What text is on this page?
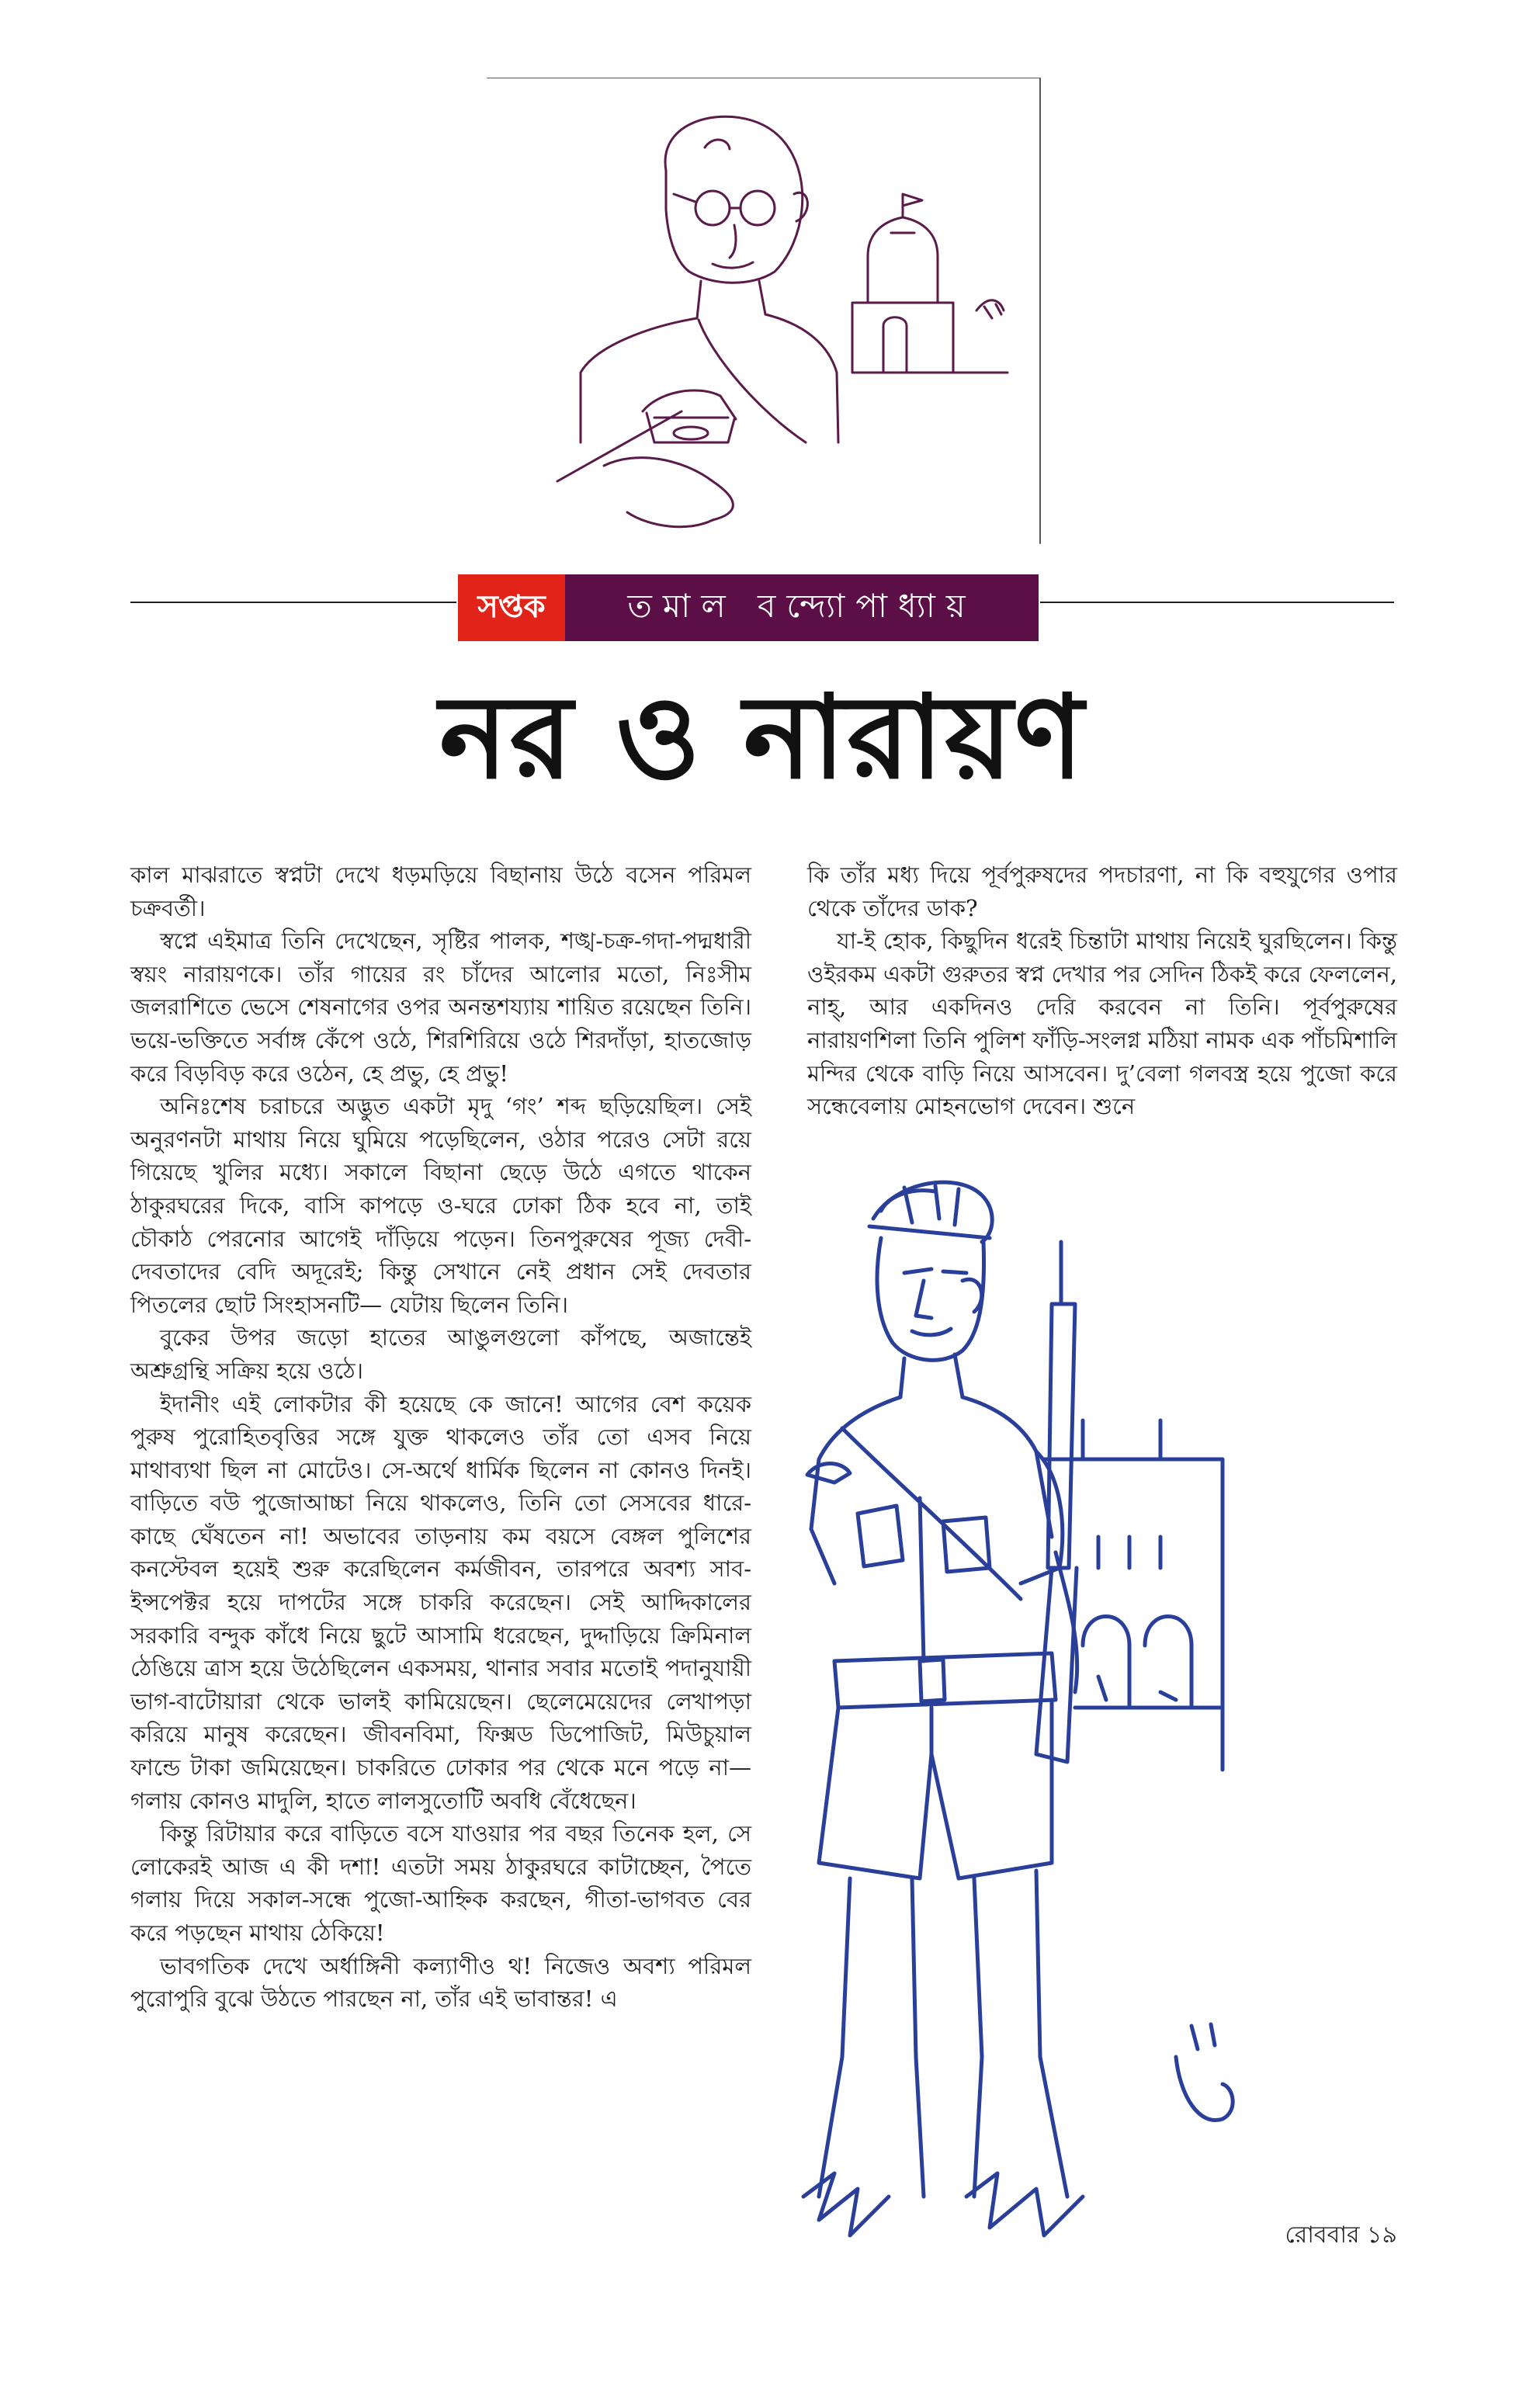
সপ্তক	তমাল বন্দ্যোপাধ্যায়
নর ও নারায়ণ

কাল মাঝরাতে স্বপ্নটা দেখে ধড়মড়িয়ে বিছানায় উঠে বসেন পরিমল চক্রবর্তী।

স্বপ্নে এইমাত্র তিনি দেখেছেন, সৃষ্টির পালক, শঙ্খ-চক্র-গদা-পদ্মধারী স্বয়ং নারায়ণকে। তাঁর গায়ের রং চাঁদের আলোর মতো, নিঃসীম জলরাশিতে ভেসে শেষনাগের ওপর অনন্তশয্যায় শায়িত রয়েছেন তিনি। ভয়ে-ভক্তিতে সর্বাঙ্গ কেঁপে ওঠে, শিরশিরিয়ে ওঠে শিরদাঁড়া, হাতজোড় করে বিড়বিড় করে ওঠেন, হে প্রভু, হে প্রভু!

অনিঃশেষ চরাচরে অদ্ভুত একটা মৃদু ‘গং’ শব্দ ছড়িয়েছিল। সেই অনুরণনটা মাথায় নিয়ে ঘুমিয়ে পড়েছিলেন, ওঠার পরেও সেটা রয়ে গিয়েছে খুলির মধ্যে। সকালে বিছানা ছেড়ে উঠে এগতে থাকেন ঠাকুরঘরের দিকে, বাসি কাপড়ে ও-ঘরে ঢোকা ঠিক হবে না, তাই চৌকাঠ পেরনোর আগেই দাঁড়িয়ে পড়েন। তিনপুরুষের পূজ্য দেবী-দেবতাদের বেদি অদূরেই; কিন্তু সেখানে নেই প্রধান সেই দেবতার পিতলের ছোট সিংহাসনটি— যেটায় ছিলেন তিনি।

বুকের উপর জড়ো হাতের আঙুলগুলো কাঁপছে, অজান্তেই অশ্রুগ্রন্থি সক্রিয় হয়ে ওঠে।

ইদানীং এই লোকটার কী হয়েছে কে জানে! আগের বেশ কয়েক পুরুষ পুরোহিতবৃত্তির সঙ্গে যুক্ত থাকলেও তাঁর তো এসব নিয়ে মাথাব্যথা ছিল না মোটেও। সে-অর্থে ধার্মিক ছিলেন না কোনও দিনই। বাড়িতে বউ পুজোআচ্চা নিয়ে থাকলেও, তিনি তো সেসবের ধারে-কাছে ঘেঁষতেন না! অভাবের তাড়নায় কম বয়সে বেঙ্গল পুলিশের কনস্টেবল হয়েই শুরু করেছিলেন কর্মজীবন, তারপরে অবশ্য সাব-ইন্সপেক্টর হয়ে দাপটের সঙ্গে চাকরি করেছেন। সেই আদ্দিকালের সরকারি বন্দুক কাঁধে নিয়ে ছুটে আসামি ধরেছেন, দুদ্দাড়িয়ে ক্রিমিনাল ঠেঙিয়ে ত্রাস হয়ে উঠেছিলেন একসময়, থানার সবার মতোই পদানুযায়ী ভাগ-বাটোয়ারা থেকে ভালই কামিয়েছেন। ছেলেমেয়েদের লেখাপড়া করিয়ে মানুষ করেছেন। জীবনবিমা, ফিক্সড ডিপোজিট, মিউচুয়াল ফান্ডে টাকা জমিয়েছেন। চাকরিতে ঢোকার পর থেকে মনে পড়ে না— গলায় কোনও মাদুলি, হাতে লালসুতোটি অবধি বেঁধেছেন।

কিন্তু রিটায়ার করে বাড়িতে বসে যাওয়ার পর বছর তিনেক হল, সে লোকেরই আজ এ কী দশা! এতটা সময় ঠাকুরঘরে কাটাচ্ছেন, পৈতে গলায় দিয়ে সকাল-সন্ধে পুজো-আহ্নিক করছেন, গীতা-ভাগবত বের করে পড়ছেন মাথায় ঠেকিয়ে!

ভাবগতিক দেখে অর্ধাঙ্গিনী কল্যাণীও থ! নিজেও অবশ্য পরিমল পুরোপুরি বুঝে উঠতে পারছেন না, তাঁর এই ভাবান্তর! এ

কি তাঁর মধ্য দিয়ে পূর্বপুরুষদের পদচারণা, না কি বহুযুগের ওপার থেকে তাঁদের ডাক?

যা-ই হোক, কিছুদিন ধরেই চিন্তাটা মাথায় নিয়েই ঘুরছিলেন। কিন্তু ওইরকম একটা গুরুতর স্বপ্ন দেখার পর সেদিন ঠিকই করে ফেললেন, নাহ্, আর একদিনও দেরি করবেন না তিনি। পূর্বপুরুষের নারায়ণশিলা তিনি পুলিশ ফাঁড়ি-সংলগ্ন মঠিয়া নামক এক পাঁচমিশালি মন্দির থেকে বাড়ি নিয়ে আসবেন। দু’বেলা গলবস্ত্র হয়ে পুজো করে সন্ধেবেলায় মোহনভোগ দেবেন। শুনে

রোববার ১৯
